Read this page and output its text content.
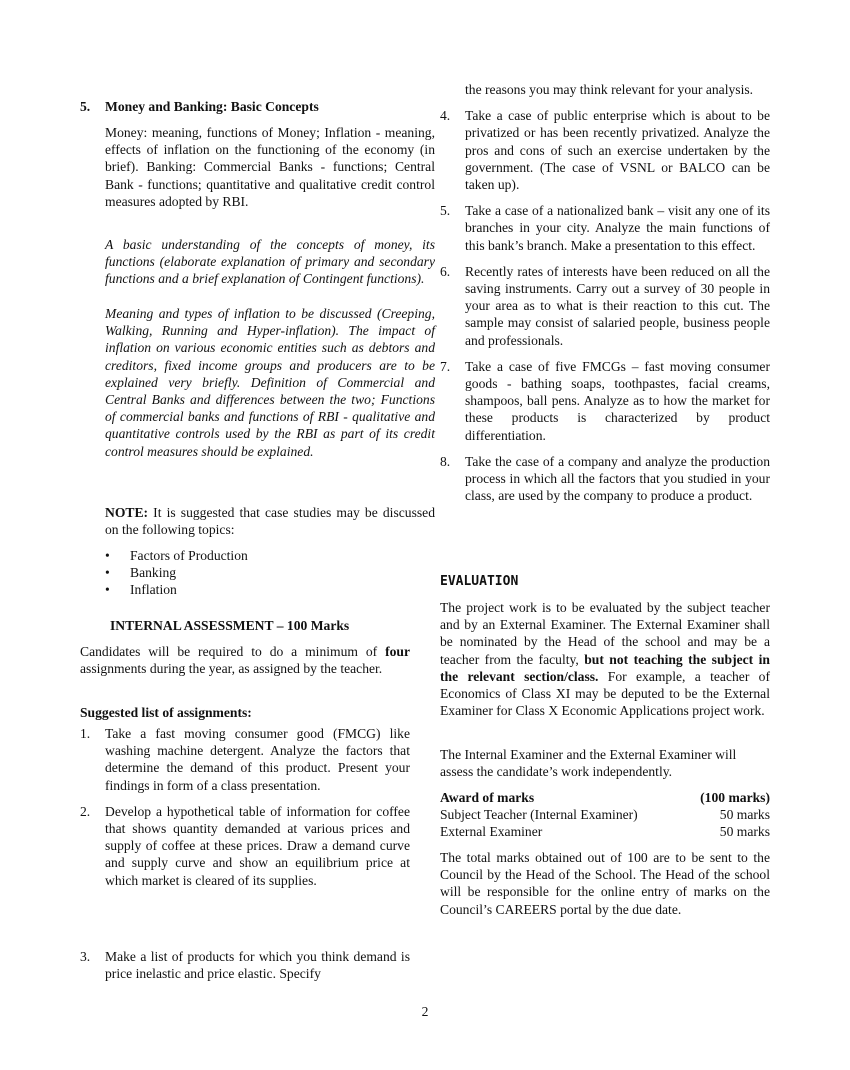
5. Money and Banking: Basic Concepts

Money: meaning, functions of Money; Inflation - meaning, effects of inflation on the functioning of the economy (in brief). Banking: Commercial Banks - functions; Central Bank - functions; quantitative and qualitative credit control measures adopted by RBI.

A basic understanding of the concepts of money, its functions (elaborate explanation of primary and secondary functions and a brief explanation of Contingent functions).

Meaning and types of inflation to be discussed (Creeping, Walking, Running and Hyper-inflation). The impact of inflation on various economic entities such as debtors and creditors, fixed income groups and producers are to be explained very briefly. Definition of Commercial and Central Banks and differences between the two; Functions of commercial banks and functions of RBI - qualitative and quantitative controls used by the RBI as part of its credit control measures should be explained.

NOTE: It is suggested that case studies may be discussed on the following topics:

• Factors of Production
• Banking
• Inflation

INTERNAL ASSESSMENT – 100 Marks

Candidates will be required to do a minimum of four assignments during the year, as assigned by the teacher.

Suggested list of assignments:

1. Take a fast moving consumer good (FMCG) like washing machine detergent. Analyze the factors that determine the demand of this product. Present your findings in form of a class presentation.
2. Develop a hypothetical table of information for coffee that shows quantity demanded at various prices and supply of coffee at these prices. Draw a demand curve and supply curve and show an equilibrium price at which market is cleared of its supplies.
3. Make a list of products for which you think demand is price inelastic and price elastic. Specify
the reasons you may think relevant for your analysis.
4. Take a case of public enterprise which is about to be privatized or has been recently privatized. Analyze the pros and cons of such an exercise undertaken by the government. (The case of VSNL or BALCO can be taken up).
5. Take a case of a nationalized bank – visit any one of its branches in your city. Analyze the main functions of this bank’s branch. Make a presentation to this effect.
6. Recently rates of interests have been reduced on all the saving instruments. Carry out a survey of 30 people in your area as to what is their reaction to this cut. The sample may consist of salaried people, business people and professionals.
7. Take a case of five FMCGs – fast moving consumer goods - bathing soaps, toothpastes, facial creams, shampoos, ball pens. Analyze as to how the market for these products is characterized by product differentiation.
8. Take the case of a company and analyze the production process in which all the factors that you studied in your class, are used by the company to produce a product.

EVALUATION

The project work is to be evaluated by the subject teacher and by an External Examiner. The External Examiner shall be nominated by the Head of the school and may be a teacher from the faculty, but not teaching the subject in the relevant section/class. For example, a teacher of Economics of Class XI may be deputed to be the External Examiner for Class X Economic Applications project work.

The Internal Examiner and the External Examiner will assess the candidate’s work independently.

Award of marks	(100 marks)
Subject Teacher (Internal Examiner)	50 marks
External Examiner	50 marks

The total marks obtained out of 100 are to be sent to the Council by the Head of the School. The Head of the school will be responsible for the online entry of marks on the Council’s CAREERS portal by the due date.

2
